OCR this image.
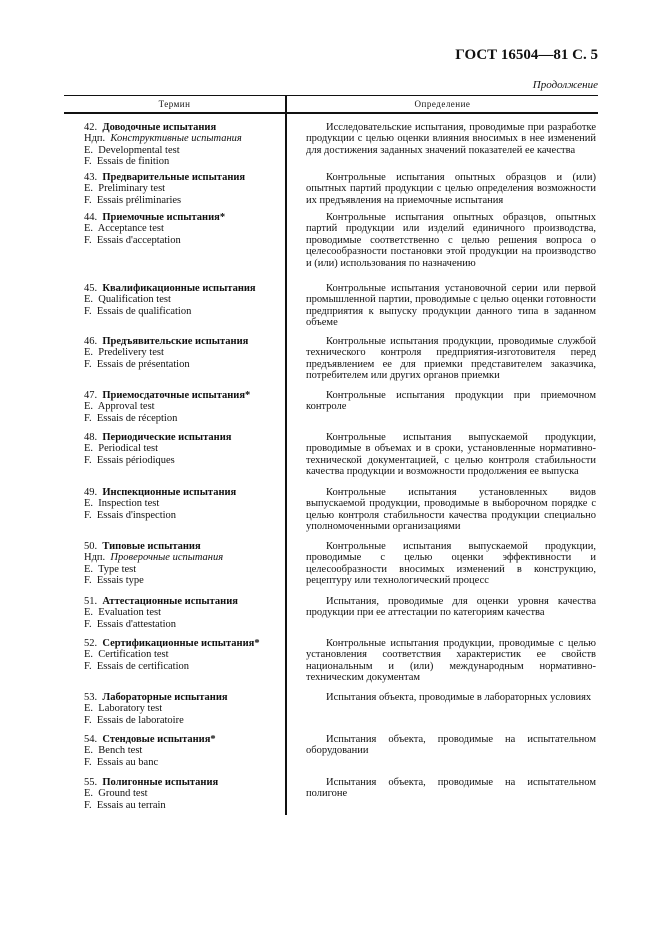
ГОСТ 16504—81 С. 5
Продолжение
Термин	Определение
42. Доводочные испытания
Ндп. Конструктивные испытания
E.  Developmental test
F.  Essais de finition
Исследовательские испытания, проводимые при разработке продукции с целью оценки влияния вносимых в нее изменений для достижения заданных значений показателей ее качества
43. Предварительные испытания
E.  Preliminary test
F.  Essais préliminaries
Контрольные испытания опытных образцов и (или) опытных партий продукции с целью определения возможности их предъявления на приемочные испытания
44. Приемочные испытания*
E.  Acceptance test
F.  Essais d'acceptation
Контрольные испытания опытных образцов, опытных партий продукции или изделий единичного производства, проводимые соответственно с целью решения вопроса о целесообразности постановки этой продукции на производство и (или) использования по назначению
45. Квалификационные испытания
E.  Qualification test
F.  Essais de qualification
Контрольные испытания установочной серии или первой промышленной партии, проводимые с целью оценки готовности предприятия к выпуску продукции данного типа в заданном объеме
46. Предъявительские испытания
E.  Predelivery test
F.  Essais de présentation
Контрольные испытания продукции, проводимые службой технического контроля предприятия-изготовителя перед предъявлением ее для приемки представителем заказчика, потребителем или других органов приемки
47. Приемосдаточные испытания*
E.  Approval test
F.  Essais de réception
Контрольные испытания продукции при приемочном контроле
48. Периодические испытания
E.  Periodical test
F.  Essais périodiques
Контрольные испытания выпускаемой продукции, проводимые в объемах и в сроки, установленные нормативно-технической документацией, с целью контроля стабильности качества продукции и возможности продолжения ее выпуска
49. Инспекционные испытания
E.  Inspection test
F.  Essais d'inspection
Контрольные испытания установленных видов выпускаемой продукции, проводимые в выборочном порядке с целью контроля стабильности качества продукции специально уполномоченными организациями
50. Типовые испытания
Ндп. Проверочные испытания
E.  Type test
F.  Essais type
Контрольные испытания выпускаемой продукции, проводимые с целью оценки эффективности и целесообразности вносимых изменений в конструкцию, рецептуру или технологический процесс
51. Аттестационные испытания
E.  Evaluation test
F.  Essais d'attestation
Испытания, проводимые для оценки уровня качества продукции при ее аттестации по категориям качества
52. Сертификационные испытания*
E.  Certification test
F.  Essais de certification
Контрольные испытания продукции, проводимые с целью установления соответствия характеристик ее свойств национальным и (или) международным нормативно-техническим документам
53. Лабораторные испытания
E.  Laboratory test
F.  Essais de laboratoire
Испытания объекта, проводимые в лабораторных условиях
54. Стендовые испытания*
E.  Bench test
F.  Essais au banc
Испытания объекта, проводимые на испытательном оборудовании
55. Полигонные испытания
E.  Ground test
F.  Essais au terrain
Испытания объекта, проводимые на испытательном полигоне
